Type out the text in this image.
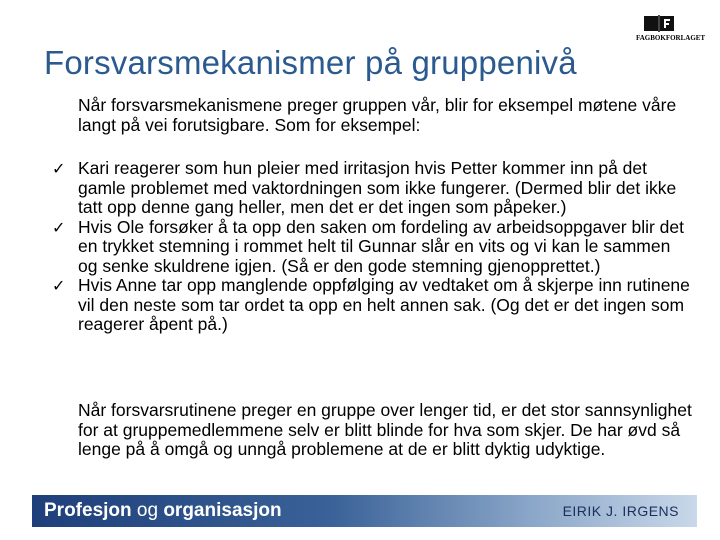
FAGBOKFORLAGET
Forsvarsmekanismer på gruppenivå

Når forsvarsmekanismene preger gruppen vår, blir for eksempel møtene våre langt på vei forutsigbare. Som for eksempel:

✓ Kari reagerer som hun pleier med irritasjon hvis Petter kommer inn på det gamle problemet med vaktordningen som ikke fungerer. (Dermed blir det ikke tatt opp denne gang heller, men det er det ingen som påpeker.)
✓ Hvis Ole forsøker å ta opp den saken om fordeling av arbeidsoppgaver blir det en trykket stemning i rommet helt til Gunnar slår en vits og vi kan le sammen og senke skuldrene igjen. (Så er den gode stemning gjenopprettet.)
✓ Hvis Anne tar opp manglende oppfølging av vedtaket om å skjerpe inn rutinene vil den neste som tar ordet ta opp en helt annen sak. (Og det er det ingen som reagerer åpent på.)

Når forsvarsrutinene preger en gruppe over lenger tid, er det stor sannsynlighet for at gruppemedlemmene selv er blitt blinde for hva som skjer. De har øvd så lenge på å omgå og unngå problemene at de er blitt dyktig udyktige.

Profesjon og organisasjon	EIRIK J. IRGENS
